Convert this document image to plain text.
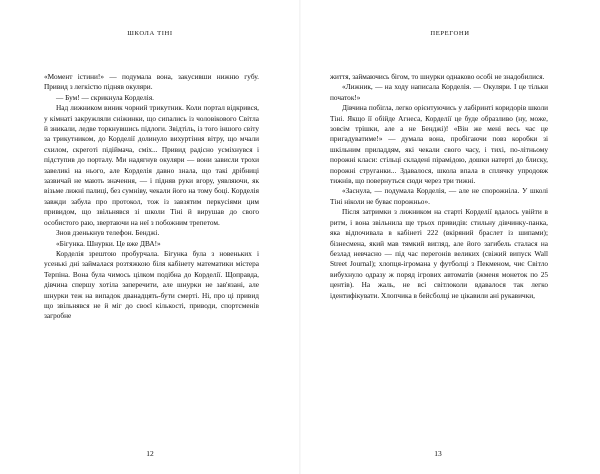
ШКОЛА ТІНІ

«Момент істини!» — подумала вона, закусивши нижню губу. Привид з легкістю підняв окуляри.

— Бум! — скрикнула Корделія.

Над лижником виник чорний трикутник. Коли портал відкрився, у кімнаті закружляли сніжинки, що сипались із чоловікового Світла й зникали, ледве торкнувшись підлоги. Звідтіль, із того іншого світу за трикутником, до Корделії долинуло вихуртіння вітру, що мчали схилом, скреготі підіймача, сміх... Привид радісно усміхнувся і підступив до порталу. Ми надягнув окуляри — вони зависли трохи завеликі на нього, але Корделія давно знала, що такі дрібниці зазвичай не мають значення, — і підняв руки вгору, уявляючи, як візьме лижні палиці, без сумніву, чекали його на тому боці. Корделія завжди забула про протокол, тож із завзятим перкусіями цим привидом, що звільнявся зі школи Тіні й вирушав до свого особистого раю, звертаючи на неї з побожним трепетом.

Знов дзенькнув телефон. Бенджі.

«Бігунка. Шнурки. Це вже ДВА!»

Корделія зрештою пробурчала. Бігунка була з новеньких і усенькі дні займалася розтяжкою біля кабінету математики містера Терпіна. Вона була чимось цілком подібна до Корделії. Щоправда, дівчина спершу хотіла заперечити, але шнурки не зав'язані, але шнурки теж на випадок дванадцять-бути смерті. Ні, про ці привид що звільнявся не й міг до своєї кількості, приводи, спортсменів загробне

12
ПЕРЕГОНИ

життя, займаючись бігом, то шнурки однаково особі не знадобилися.

«Лижник, — на ходу написала Корделія. — Окуляри. І це тільки початок!»

Дівчина побігла, легко орієнтуючись у лабіринті коридорів школи Тіні. Якщо її обійде Агнеса, Корделії це буде образливо (ну, може, зовсім трішки, але а не Бенджі)! «Він же мені весь час це пригадуватиме!» — думала вона, пробігаючи повз коробки зі шкільним приладдям, які чекали свого часу, і тихі, по-літньому порожні класи: стільці складені пірамідою, дошки натерті до блиску, порожні струганки... Здавалося, школа впала в сплячку упродовж тижнів, що повернуться сюди через три тижні.

«Заснула, — подумала Корделія, — але не спорожніла. У школі Тіні ніколи не буває порожньо».

Після затримки з лижником на старті Корделії вдалось увійти в ритм, і вона звільнила ще трьох привидів: стильну дівчинку-панка, яка відпочивала в кабінеті 222 (вкіряний браслет із шипами); бізнесмена, який мав тямкий вигляд, але його загибель сталася на безлад невчасно — під час перегонів великих (свіжий випуск Wall Street Journal); хлопця-ігромана у футболці з Пекменом, чиє Світло вибухнуло одразу ж поряд ігрових автоматів (жменя монеток по 25 центів). На жаль, не всі світлоколи вдавалося так легко ідентифікувати. Хлопчика в бейсболці не цікавили ані рукавички,

13
